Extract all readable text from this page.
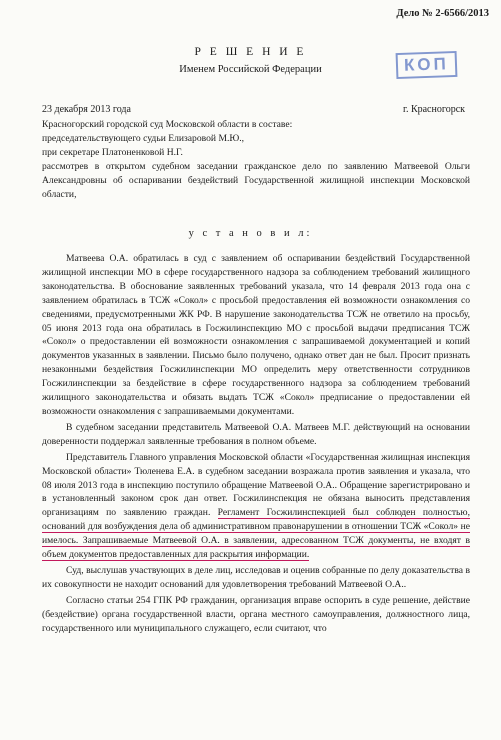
Дело № 2-6566/2013
КОП
Р Е Ш Е Н И Е
Именем Российской Федерации
23 декабря 2013 года	г. Красногорск

Красногорский городской суд Московской области в составе:

председательствующего судьи Елизаровой М.Ю.,

при секретаре Платоненковой Н.Г.

рассмотрев в открытом судебном заседании гражданское дело по заявлению Матвеевой Ольги Александровны об оспаривании бездействий Государственной жилищной инспекции Московской области,

у с т а н о в и л:

Матвеева О.А. обратилась в суд с заявлением об оспаривании бездействий Государственной жилищной инспекции МО в сфере государственного надзора за соблюдением требований жилищного законодательства. В обоснование заявленных требований указала, что 14 февраля 2013 года она с заявлением обратилась в ТСЖ «Сокол» с просьбой предоставления ей возможности ознакомления со сведениями, предусмотренными ЖК РФ. В нарушение законодательства ТСЖ не ответило на просьбу, 05 июня 2013 года она обратилась в Госжилинспекцию МО с просьбой выдачи предписания ТСЖ «Сокол» о предоставлении ей возможности ознакомления с запрашиваемой документацией и копий документов указанных в заявлении. Письмо было получено, однако ответ дан не был. Просит признать незаконными бездействия Госжилинспекции МО определить меру ответственности сотрудников Госжилинспекции за бездействие в сфере государственного надзора за соблюдением требований жилищного законодательства и обязать выдать ТСЖ «Сокол» предписание о предоставлении ей возможности ознакомления с запрашиваемыми документами.

В судебном заседании представитель Матвеевой О.А. Матвеев М.Г. действующий на основании доверенности поддержал заявленные требования в полном объеме.

Представитель Главного управления Московской области «Государственная жилищная инспекция Московской области» Тюленева Е.А. в судебном заседании возражала против заявления и указала, что 08 июля 2013 года в инспекцию поступило обращение Матвеевой О.А.. Обращение зарегистрировано и в установленный законом срок дан ответ. Госжилинспекция не обязана выносить представления организациям по заявлению граждан. Регламент Госжилинспекцией был соблюден полностью, оснований для возбуждения дела об административном правонарушении в отношении ТСЖ «Сокол» не имелось. Запрашиваемые Матвеевой О.А. в заявлении, адресованном ТСЖ документы, не входят в объем документов предоставленных для раскрытия информации.

Суд, выслушав участвующих в деле лиц, исследовав и оценив собранные по делу доказательства в их совокупности не находит оснований для удовлетворения требований Матвеевой О.А..

Согласно статьи 254 ГПК РФ гражданин, организация вправе оспорить в суде решение, действие (бездействие) органа государственной власти, органа местного самоуправления, должностного лица, государственного или муниципального служащего, если считают, что
